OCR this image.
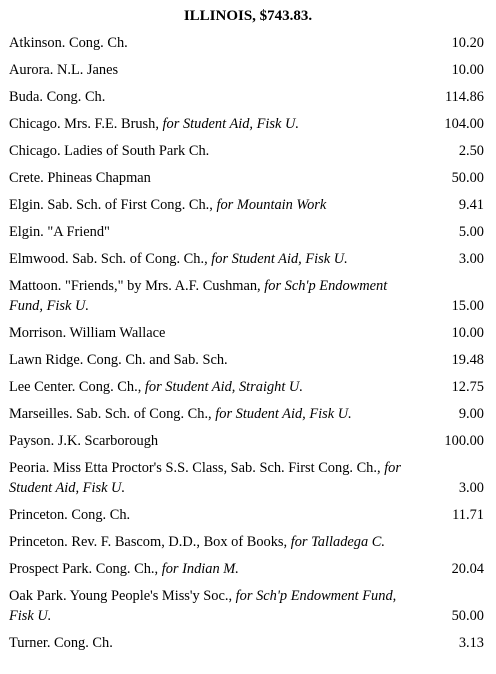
ILLINOIS, $743.83.
Atkinson. Cong. Ch.	10.20
Aurora. N.L. Janes	10.00
Buda. Cong. Ch.	114.86
Chicago. Mrs. F.E. Brush, for Student Aid, Fisk U.	104.00
Chicago. Ladies of South Park Ch.	2.50
Crete. Phineas Chapman	50.00
Elgin. Sab. Sch. of First Cong. Ch., for Mountain Work	9.41
Elgin. "A Friend"	5.00
Elmwood. Sab. Sch. of Cong. Ch., for Student Aid, Fisk U.	3.00
Mattoon. "Friends," by Mrs. A.F. Cushman, for Sch'p Endowment Fund, Fisk U.	15.00
Morrison. William Wallace	10.00
Lawn Ridge. Cong. Ch. and Sab. Sch.	19.48
Lee Center. Cong. Ch., for Student Aid, Straight U.	12.75
Marseilles. Sab. Sch. of Cong. Ch., for Student Aid, Fisk U.	9.00
Payson. J.K. Scarborough	100.00
Peoria. Miss Etta Proctor's S.S. Class, Sab. Sch. First Cong. Ch., for Student Aid, Fisk U.	3.00
Princeton. Cong. Ch.	11.71
Princeton. Rev. F. Bascom, D.D., Box of Books, for Talladega C.	
Prospect Park. Cong. Ch., for Indian M.	20.04
Oak Park. Young People's Miss'y Soc., for Sch'p Endowment Fund, Fisk U.	50.00
Turner. Cong. Ch.	3.13
